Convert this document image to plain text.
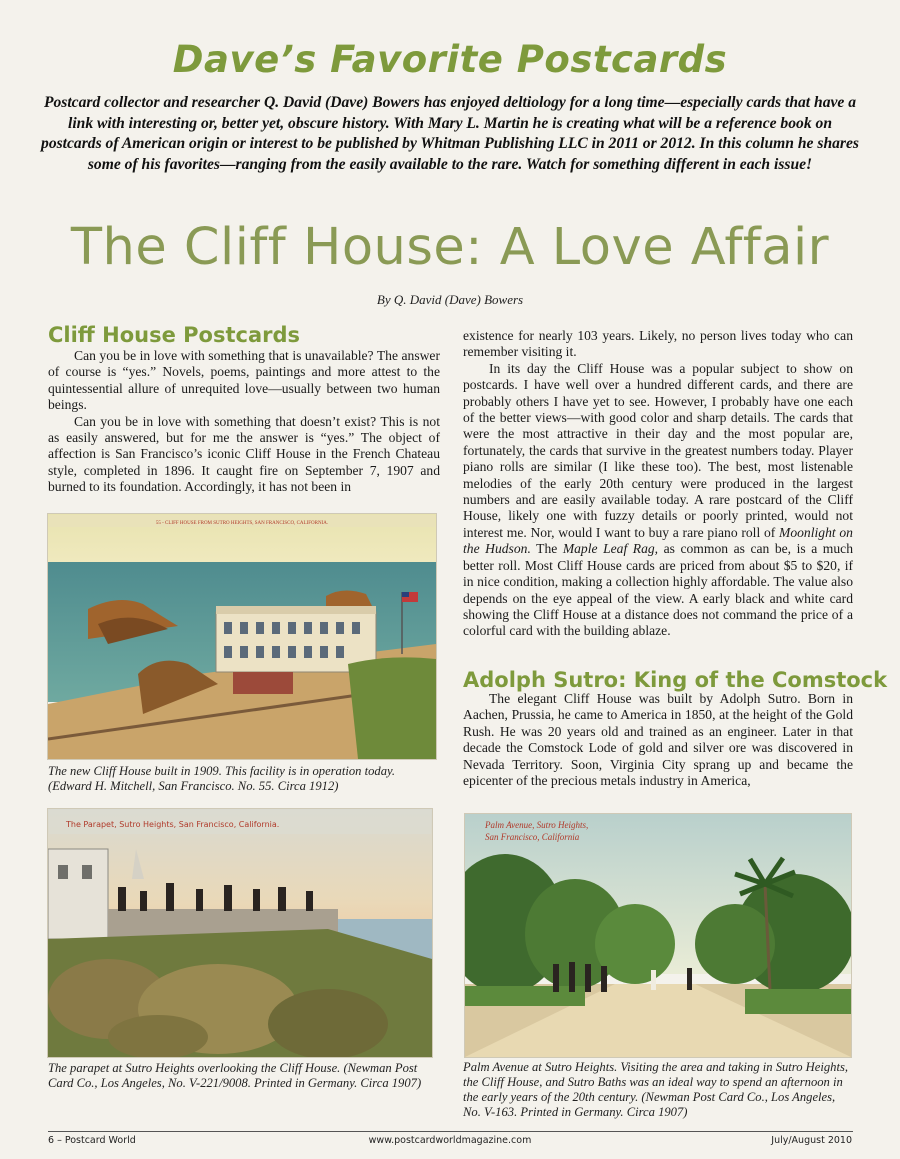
Dave’s Favorite Postcards
Postcard collector and researcher Q. David (Dave) Bowers has enjoyed deltiology for a long time—especially cards that have a link with interesting or, better yet, obscure history. With Mary L. Martin he is creating what will be a reference book on postcards of American origin or interest to be published by Whitman Publishing LLC in 2011 or 2012. In this column he shares some of his favorites—ranging from the easily available to the rare. Watch for something different in each issue!
The Cliff House: A Love Affair
By Q. David (Dave) Bowers
Cliff House Postcards

Can you be in love with something that is unavailable? The answer of course is “yes.” Novels, poems, paintings and more attest to the quintessential allure of unrequited love—usually between two human beings.

Can you be in love with something that doesn’t exist? This is not as easily answered, but for me the answer is “yes.” The object of affection is San Francisco’s iconic Cliff House in the French Chateau style, completed in 1896. It caught fire on September 7, 1907 and burned to its foundation. Accordingly, it has not been in

55 - CLIFF HOUSE FROM SUTRO HEIGHTS, SAN FRANCISCO, CALIFORNIA.
The new Cliff House built in 1909. This facility is in operation today. (Edward H. Mitchell, San Francisco. No. 55. Circa 1912)
The Parapet, Sutro Heights, San Francisco, California.
The parapet at Sutro Heights overlooking the Cliff House. (Newman Post Card Co., Los Angeles, No. V-221/9008. Printed in Germany. Circa 1907)

existence for nearly 103 years. Likely, no person lives today who can remember visiting it.

In its day the Cliff House was a popular subject to show on postcards. I have well over a hundred different cards, and there are probably others I have yet to see. However, I probably have one each of the better views—with good color and sharp details. The cards that were the most attractive in their day and the most popular are, fortunately, the cards that survive in the greatest numbers today. Player piano rolls are similar (I like these too). The best, most listenable melodies of the early 20th century were produced in the largest numbers and are easily available today. A rare postcard of the Cliff House, likely one with fuzzy details or poorly printed, would not interest me. Nor, would I want to buy a rare piano roll of Moonlight on the Hudson. The Maple Leaf Rag, as common as can be, is a much better roll. Most Cliff House cards are priced from about $5 to $20, if in nice condition, making a collection highly affordable. The value also depends on the eye appeal of the view. A early black and white card showing the Cliff House at a distance does not command the price of a colorful card with the building ablaze.

Adolph Sutro: King of the Comstock

The elegant Cliff House was built by Adolph Sutro. Born in Aachen, Prussia, he came to America in 1850, at the height of the Gold Rush. He was 20 years old and trained as an engineer. Later in that decade the Comstock Lode of gold and silver ore was discovered in Nevada Territory. Soon, Virginia City sprang up and became the epicenter of the precious metals industry in America,

Palm Avenue, Sutro Heights,
San Francisco, California
Palm Avenue at Sutro Heights. Visiting the area and taking in Sutro Heights, the Cliff House, and Sutro Baths was an ideal way to spend an afternoon in the early years of the 20th century. (Newman Post Card Co., Los Angeles, No. V-163. Printed in Germany. Circa 1907)
6 – Postcard World	www.postcardworldmagazine.com	July/August 2010
